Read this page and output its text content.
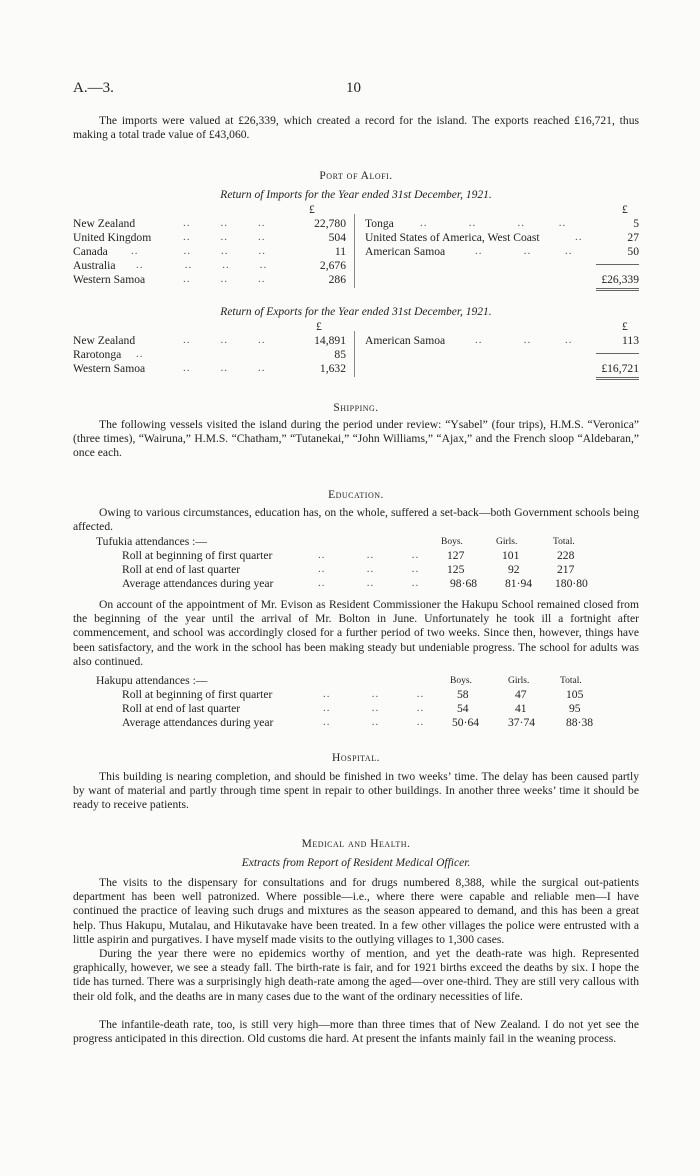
A.—3.	10
The imports were valued at £26,339, which created a record for the island. The exports reached £16,721, thus making a total trade value of £43,060.
Port of Alofi.
Return of Imports for the Year ended 31st December, 1921.
£	£
New Zealand	..        ..        ..	22,780
United Kingdom	..        ..        ..	504
Canada ..            ..        ..        ..	11
Australia ..           ..        ..        ..	2,676
Western Samoa	..        ..        ..	286
Tonga ..           ..           ..         ..	5
United States of America, West Coast	..	27
American Samoa	..           ..         ..	50
£26,339
Return of Exports for the Year ended 31st December, 1921.
£	£
New Zealand	..        ..        ..	14,891
Rarotonga ..	85
Western Samoa	..        ..        ..	1,632
American Samoa	..           ..         ..	113
£16,721
Shipping.
The following vessels visited the island during the period under review: “Ysabel” (four trips), H.M.S. “Veronica” (three times), “Wairuna,” H.M.S. “Chatham,” “Tutanekai,” “John Williams,” “Ajax,” and the French sloop “Aldebaran,” once each.
Education.
Owing to various circumstances, education has, on the whole, suffered a set-back—both Government schools being affected.
Tufukia attendances :—	Boys.	Girls.	Total.
Roll at beginning of first quarter	..           ..          .. 127	101	228
Roll at end of last quarter	..           ..          .. 125	92	217
Average attendances during year	..           ..          ..	98·68 81·94 180·80
On account of the appointment of Mr. Evison as Resident Commissioner the Hakupu School remained closed from the beginning of the year until the arrival of Mr. Bolton in June. Unfortunately he took ill a fortnight after commencement, and school was accordingly closed for a further period of two weeks. Since then, however, things have been satisfactory, and the work in the school has been making steady but undeniable progress. The school for adults was also continued.
Hakupu attendances :—	Boys.	Girls.	Total.
Roll at beginning of first quarter	..           ..          ..	58	47	105
Roll at end of last quarter	..           ..          ..	54	41	95
Average attendances during year	..           ..          .. 50·64 37·74	88·38
Hospital.
This building is nearing completion, and should be finished in two weeks’ time. The delay has been caused partly by want of material and partly through time spent in repair to other buildings. In another three weeks’ time it should be ready to receive patients.
Medical and Health.
Extracts from Report of Resident Medical Officer.
The visits to the dispensary for consultations and for drugs numbered 8,388, while the surgical out-patients department has been well patronized. Where possible—i.e., where there were capable and reliable men—I have continued the practice of leaving such drugs and mixtures as the season appeared to demand, and this has been a great help. Thus Hakupu, Mutalau, and Hikutavake have been treated. In a few other villages the police were entrusted with a little aspirin and purgatives. I have myself made visits to the outlying villages to 1,300 cases.
During the year there were no epidemics worthy of mention, and yet the death-rate was high. Represented graphically, however, we see a steady fall. The birth-rate is fair, and for 1921 births exceed the deaths by six. I hope the tide has turned. There was a surprisingly high death-rate among the aged—over one-third. They are still very callous with their old folk, and the deaths are in many cases due to the want of the ordinary necessities of life.
The infantile-death rate, too, is still very high—more than three times that of New Zealand. I do not yet see the progress anticipated in this direction. Old customs die hard. At present the infants mainly fail in the weaning process.
